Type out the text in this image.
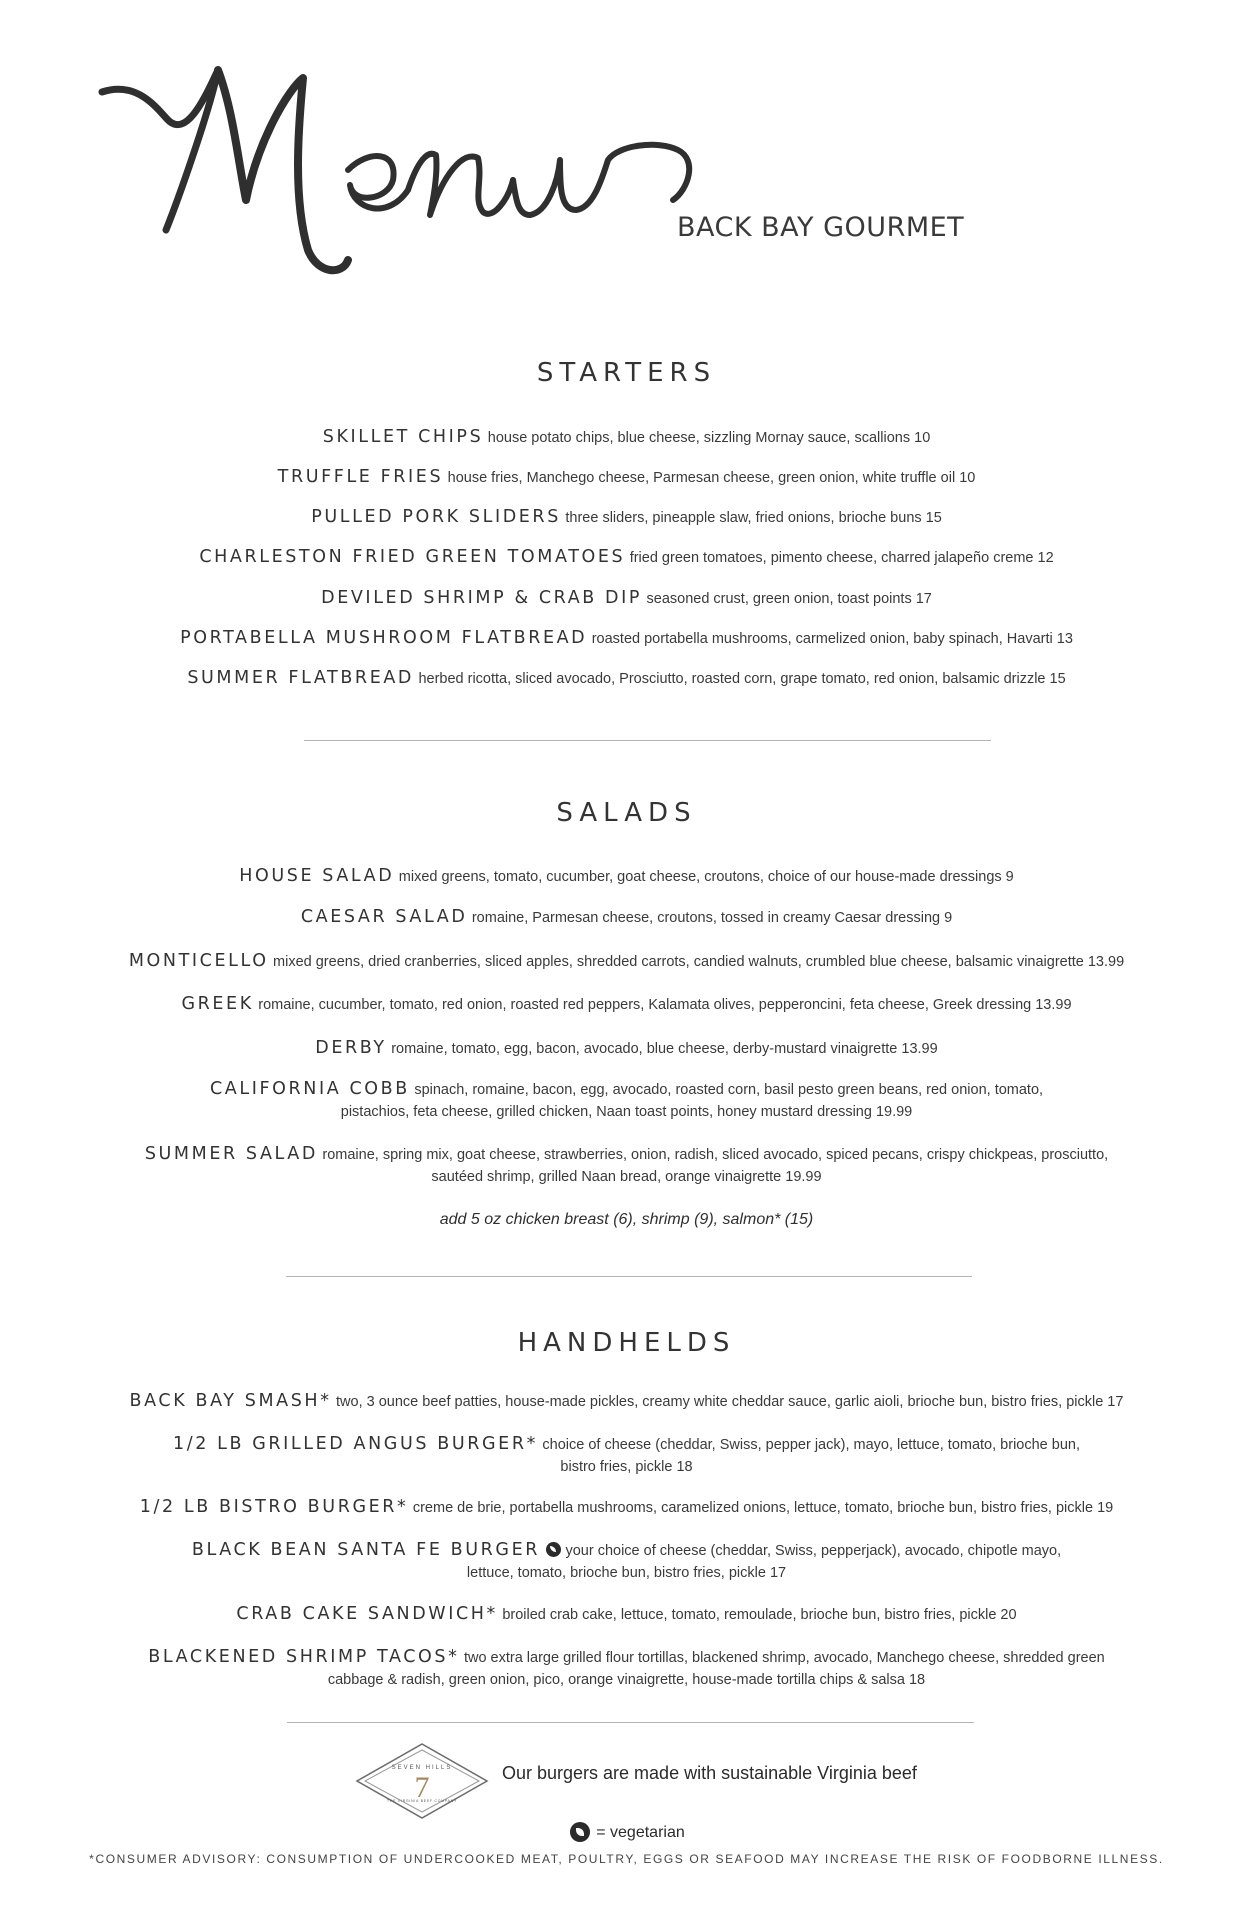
BACK BAY GOURMET
STARTERS
SKILLET CHIPS house potato chips, blue cheese, sizzling Mornay sauce, scallions 10
TRUFFLE FRIES house fries, Manchego cheese, Parmesan cheese, green onion, white truffle oil 10
PULLED PORK SLIDERS three sliders, pineapple slaw, fried onions, brioche buns 15
CHARLESTON FRIED GREEN TOMATOES fried green tomatoes, pimento cheese, charred jalapeño creme 12
DEVILED SHRIMP & CRAB DIP seasoned crust, green onion, toast points 17
PORTABELLA MUSHROOM FLATBREAD roasted portabella mushrooms, carmelized onion, baby spinach, Havarti 13
SUMMER FLATBREAD herbed ricotta, sliced avocado, Prosciutto, roasted corn, grape tomato, red onion, balsamic drizzle 15
SALADS
HOUSE SALAD mixed greens, tomato, cucumber, goat cheese, croutons, choice of our house-made dressings 9
CAESAR SALAD romaine, Parmesan cheese, croutons, tossed in creamy Caesar dressing 9
MONTICELLO mixed greens, dried cranberries, sliced apples, shredded carrots, candied walnuts, crumbled blue cheese, balsamic vinaigrette 13.99
GREEK romaine, cucumber, tomato, red onion, roasted red peppers, Kalamata olives, pepperoncini, feta cheese, Greek dressing 13.99
DERBY romaine, tomato, egg, bacon, avocado, blue cheese, derby-mustard vinaigrette 13.99
CALIFORNIA COBB spinach, romaine, bacon, egg, avocado, roasted corn, basil pesto green beans, red onion, tomato,
pistachios, feta cheese, grilled chicken, Naan toast points, honey mustard dressing 19.99
SUMMER SALAD romaine, spring mix, goat cheese, strawberries, onion, radish, sliced avocado, spiced pecans, crispy chickpeas, prosciutto,
sautéed shrimp, grilled Naan bread, orange vinaigrette 19.99
add 5 oz chicken breast (6), shrimp (9), salmon* (15)
HANDHELDS
BACK BAY SMASH* two, 3 ounce beef patties, house-made pickles, creamy white cheddar sauce, garlic aioli, brioche bun, bistro fries, pickle 17
1/2 LB GRILLED ANGUS BURGER* choice of cheese (cheddar, Swiss, pepper jack), mayo, lettuce, tomato, brioche bun,
bistro fries, pickle 18
1/2 LB BISTRO BURGER* creme de brie, portabella mushrooms, caramelized onions, lettuce, tomato, brioche bun, bistro fries, pickle 19
BLACK BEAN SANTA FE BURGER your choice of cheese (cheddar, Swiss, pepperjack), avocado, chipotle mayo,
lettuce, tomato, brioche bun, bistro fries, pickle 17
CRAB CAKE SANDWICH* broiled crab cake, lettuce, tomato, remoulade, brioche bun, bistro fries, pickle 20
BLACKENED SHRIMP TACOS* two extra large grilled flour tortillas, blackened shrimp, avocado, Manchego cheese, shredded green
cabbage & radish, green onion, pico, orange vinaigrette, house-made tortilla chips & salsa 18
SEVEN HILLS
7
THE VIRGINIA BEEF COMPANY
Our burgers are made with sustainable Virginia beef
= vegetarian
*CONSUMER ADVISORY: CONSUMPTION OF UNDERCOOKED MEAT, POULTRY, EGGS OR SEAFOOD MAY INCREASE THE RISK OF FOODBORNE ILLNESS.
